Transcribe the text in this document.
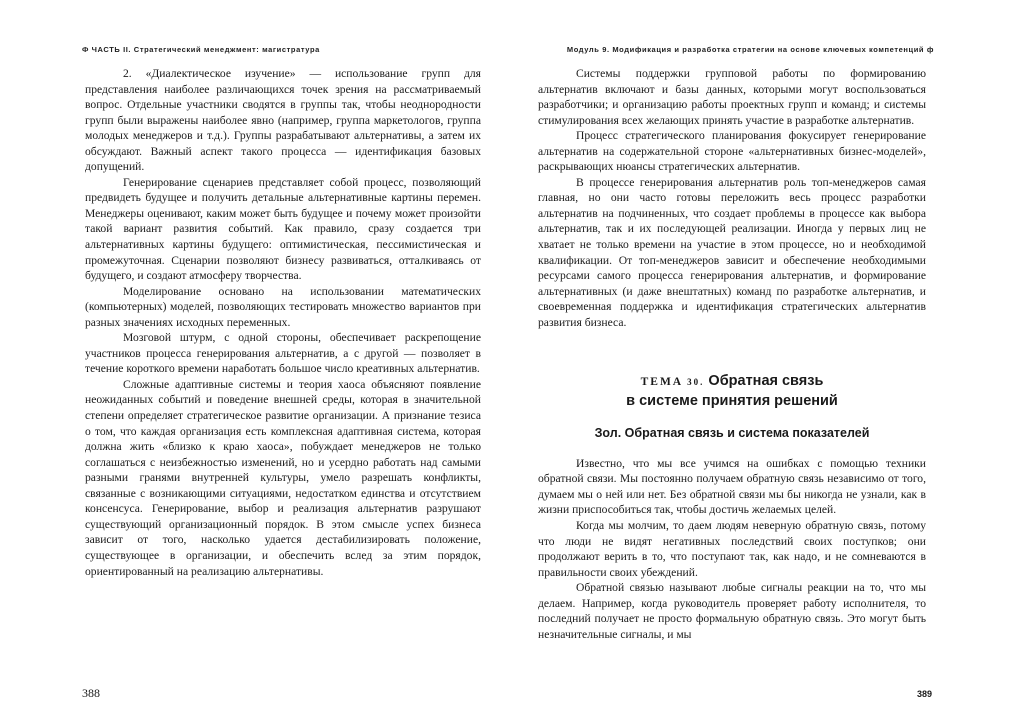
Ф ЧАСТЬ II. Стратегический менеджмент: магистратура

2. «Диалектическое изучение» — использование групп для представления наиболее различающихся точек зрения на рассматриваемый вопрос. Отдельные участники сводятся в группы так, чтобы неоднородности групп были выражены наиболее явно (например, группа маркетологов, группа молодых менеджеров и т.д.). Группы разрабатывают альтернативы, а затем их обсуждают. Важный аспект такого процесса — идентификация базовых допущений.

Генерирование сценариев представляет собой процесс, позволяющий предвидеть будущее и получить детальные альтернативные картины перемен. Менеджеры оценивают, каким может быть будущее и почему может произойти такой вариант развития событий. Как правило, сразу создается три альтернативных картины будущего: оптимистическая, пессимистическая и промежуточная. Сценарии позволяют бизнесу развиваться, отталкиваясь от будущего, и создают атмосферу творчества.

Моделирование основано на использовании математических (компьютерных) моделей, позволяющих тестировать множество вариантов при разных значениях исходных переменных.

Мозговой штурм, с одной стороны, обеспечивает раскрепощение участников процесса генерирования альтернатив, а с другой — позволяет в течение короткого времени наработать большое число креативных альтернатив.

Сложные адаптивные системы и теория хаоса объясняют появление неожиданных событий и поведение внешней среды, которая в значительной степени определяет стратегическое развитие организации. А признание тезиса о том, что каждая организация есть комплексная адаптивная система, которая должна жить «близко к краю хаоса», побуждает менеджеров не только соглашаться с неизбежностью изменений, но и усердно работать над самыми разными гранями внутренней культуры, умело разрешать конфликты, связанные с возникающими ситуациями, недостатком единства и отсутствием консенсуса. Генерирование, выбор и реализация альтернатив разрушают существующий организационный порядок. В этом смысле успех бизнеса зависит от того, насколько удается дестабилизировать положение, существующее в организации, и обеспечить вслед за этим порядок, ориентированный на реализацию альтернативы.

388
Модуль 9. Модификация и разработка стратегии на основе ключевых компетенций ф

Системы поддержки групповой работы по формированию альтернатив включают и базы данных, которыми могут воспользоваться разработчики; и организацию работы проектных групп и команд; и системы стимулирования всех желающих принять участие в разработке альтернатив.

Процесс стратегического планирования фокусирует генерирование альтернатив на содержательной стороне «альтернативных бизнес-моделей», раскрывающих нюансы стратегических альтернатив.

В процессе генерирования альтернатив роль топ-менеджеров самая главная, но они часто готовы переложить весь процесс разработки альтернатив на подчиненных, что создает проблемы в процессе как выбора альтернатив, так и их последующей реализации. Иногда у первых лиц не хватает не только времени на участие в этом процессе, но и необходимой квалификации. От топ-менеджеров зависит и обеспечение необходимыми ресурсами самого процесса генерирования альтернатив, и формирование альтернативных (и даже внештатных) команд по разработке альтернатив, и своевременная поддержка и идентификация стратегических альтернатив развития бизнеса.

ТЕМА 30. Обратная связь
в системе принятия решений
Зол. Обратная связь и система показателей

Известно, что мы все учимся на ошибках с помощью техники обратной связи. Мы постоянно получаем обратную связь независимо от того, думаем мы о ней или нет. Без обратной связи мы бы никогда не узнали, как в жизни приспособиться так, чтобы достичь желаемых целей.

Когда мы молчим, то даем людям неверную обратную связь, потому что люди не видят негативных последствий своих поступков; они продолжают верить в то, что поступают так, как надо, и не сомневаются в правильности своих убеждений.

Обратной связью называют любые сигналы реакции на то, что мы делаем. Например, когда руководитель проверяет работу исполнителя, то последний получает не просто формальную обратную связь. Это могут быть незначительные сигналы, и мы

389
